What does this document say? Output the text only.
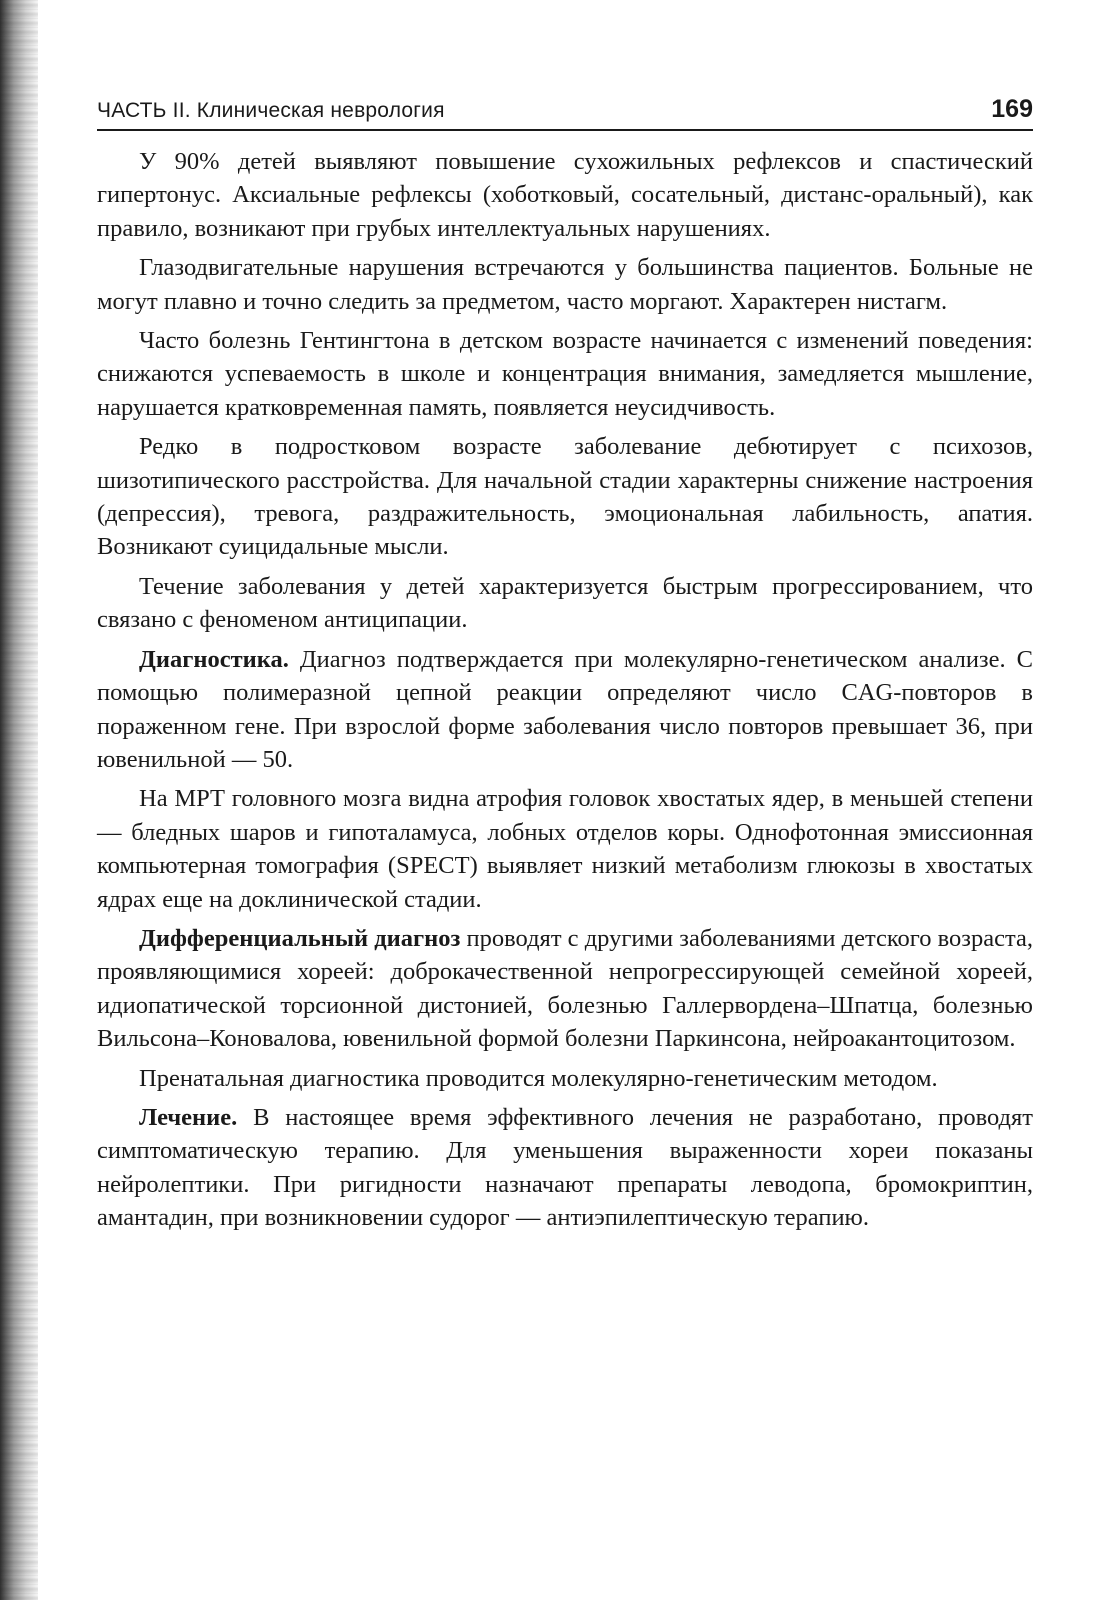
ЧАСТЬ II. Клиническая неврология	169

У 90% детей выявляют повышение сухожильных рефлексов и спастический гипертонус. Аксиальные рефлексы (хоботковый, сосательный, дистанс-оральный), как правило, возникают при грубых интеллектуальных нарушениях.

Глазодвигательные нарушения встречаются у большинства пациентов. Больные не могут плавно и точно следить за предметом, часто моргают. Характерен нистагм.

Часто болезнь Гентингтона в детском возрасте начинается с изменений поведения: снижаются успеваемость в школе и концентрация внимания, замедляется мышление, нарушается кратковременная память, появляется неусидчивость.

Редко в подростковом возрасте заболевание дебютирует с психозов, шизотипического расстройства. Для начальной стадии характерны снижение настроения (депрессия), тревога, раздражительность, эмоциональная лабильность, апатия. Возникают суицидальные мысли.

Течение заболевания у детей характеризуется быстрым прогрессированием, что связано с феноменом антиципации.

Диагностика. Диагноз подтверждается при молекулярно-генетическом анализе. С помощью полимеразной цепной реакции определяют число CAG-повторов в пораженном гене. При взрослой форме заболевания число повторов превышает 36, при ювенильной — 50.

На МРТ головного мозга видна атрофия головок хвостатых ядер, в меньшей степени — бледных шаров и гипоталамуса, лобных отделов коры. Однофотонная эмиссионная компьютерная томография (SPECT) выявляет низкий метаболизм глюкозы в хвостатых ядрах еще на доклинической стадии.

Дифференциальный диагноз проводят с другими заболеваниями детского возраста, проявляющимися хореей: доброкачественной непрогрессирующей семейной хореей, идиопатической торсионной дистонией, болезнью Галлервордена–Шпатца, болезнью Вильсона–Коновалова, ювенильной формой болезни Паркинсона, нейроакантоцитозом.

Пренатальная диагностика проводится молекулярно-генетическим методом.

Лечение. В настоящее время эффективного лечения не разработано, проводят симптоматическую терапию. Для уменьшения выраженности хореи показаны нейролептики. При ригидности назначают препараты леводопа, бромокриптин, амантадин, при возникновении судорог — антиэпилептическую терапию.
